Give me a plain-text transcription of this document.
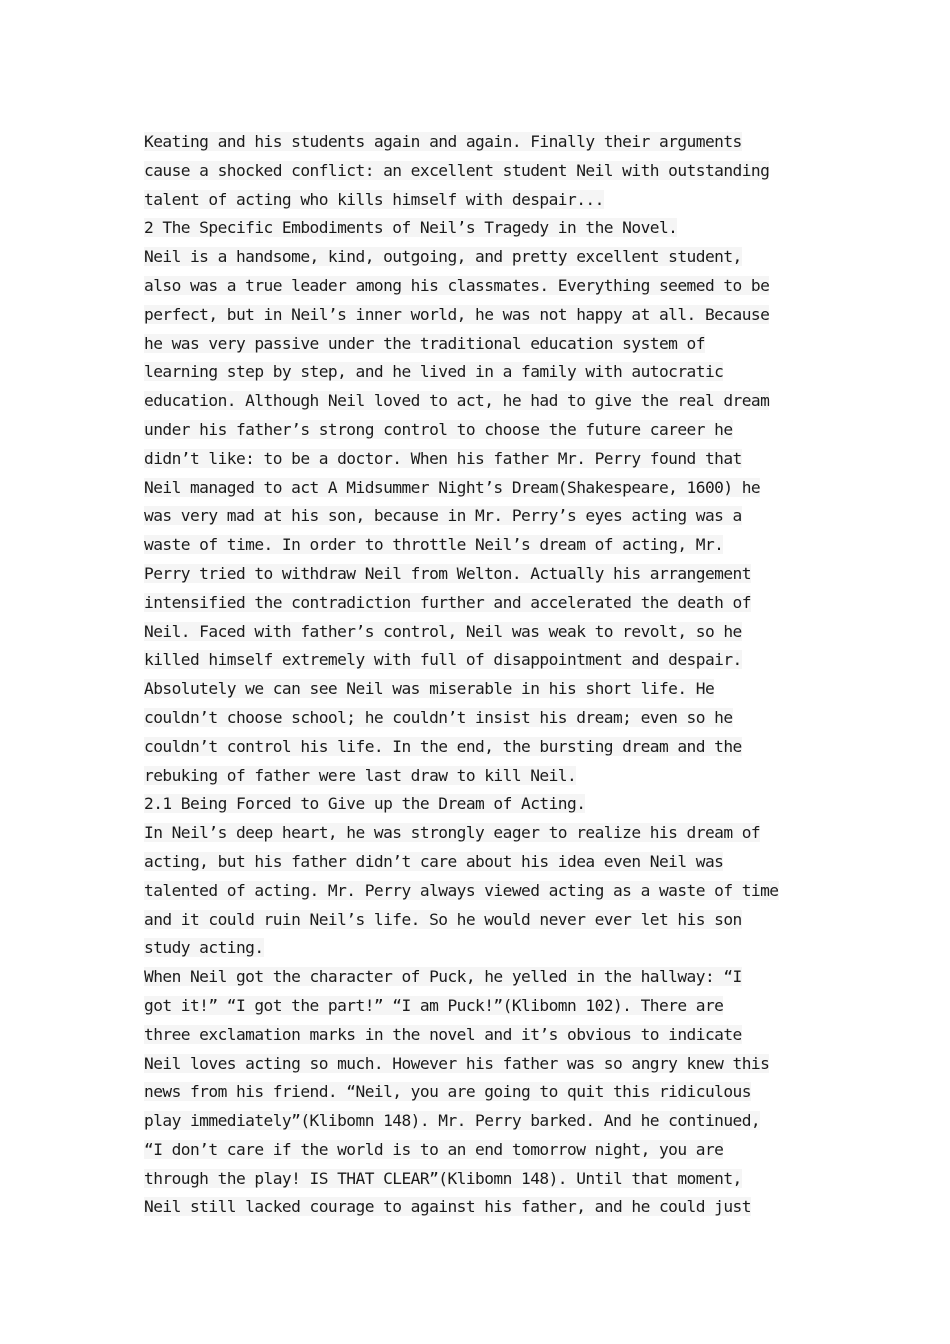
Keating and his students again and again. Finally their arguments
cause a shocked conflict: an excellent student Neil with outstanding
talent of acting who kills himself with despair...
2 The Specific Embodiments of Neil’s Tragedy in the Novel.
Neil is a handsome, kind, outgoing, and pretty excellent student,
also was a true leader among his classmates. Everything seemed to be
perfect, but in Neil’s inner world, he was not happy at all. Because
he was very passive under the traditional education system of
learning step by step, and he lived in a family with autocratic
education. Although Neil loved to act, he had to give the real dream
under his father’s strong control to choose the future career he
didn’t like: to be a doctor. When his father Mr. Perry found that
Neil managed to act A Midsummer Night’s Dream(Shakespeare, 1600) he
was very mad at his son, because in Mr. Perry’s eyes acting was a
waste of time. In order to throttle Neil’s dream of acting, Mr.
Perry tried to withdraw Neil from Welton. Actually his arrangement
intensified the contradiction further and accelerated the death of
Neil. Faced with father’s control, Neil was weak to revolt, so he
killed himself extremely with full of disappointment and despair.
Absolutely we can see Neil was miserable in his short life. He
couldn’t choose school; he couldn’t insist his dream; even so he
couldn’t control his life. In the end, the bursting dream and the
rebuking of father were last draw to kill Neil.
2.1 Being Forced to Give up the Dream of Acting.
In Neil’s deep heart, he was strongly eager to realize his dream of
acting, but his father didn’t care about his idea even Neil was
talented of acting. Mr. Perry always viewed acting as a waste of time
and it could ruin Neil’s life. So he would never ever let his son
study acting.
When Neil got the character of Puck, he yelled in the hallway: “I
got it!” “I got the part!” “I am Puck!”(Klibomn 102). There are
three exclamation marks in the novel and it’s obvious to indicate
Neil loves acting so much. However his father was so angry knew this
news from his friend. “Neil, you are going to quit this ridiculous
play immediately”(Klibomn 148). Mr. Perry barked. And he continued,
“I don’t care if the world is to an end tomorrow night, you are
through the play! IS THAT CLEAR”(Klibomn 148). Until that moment,
Neil still lacked courage to against his father, and he could just
